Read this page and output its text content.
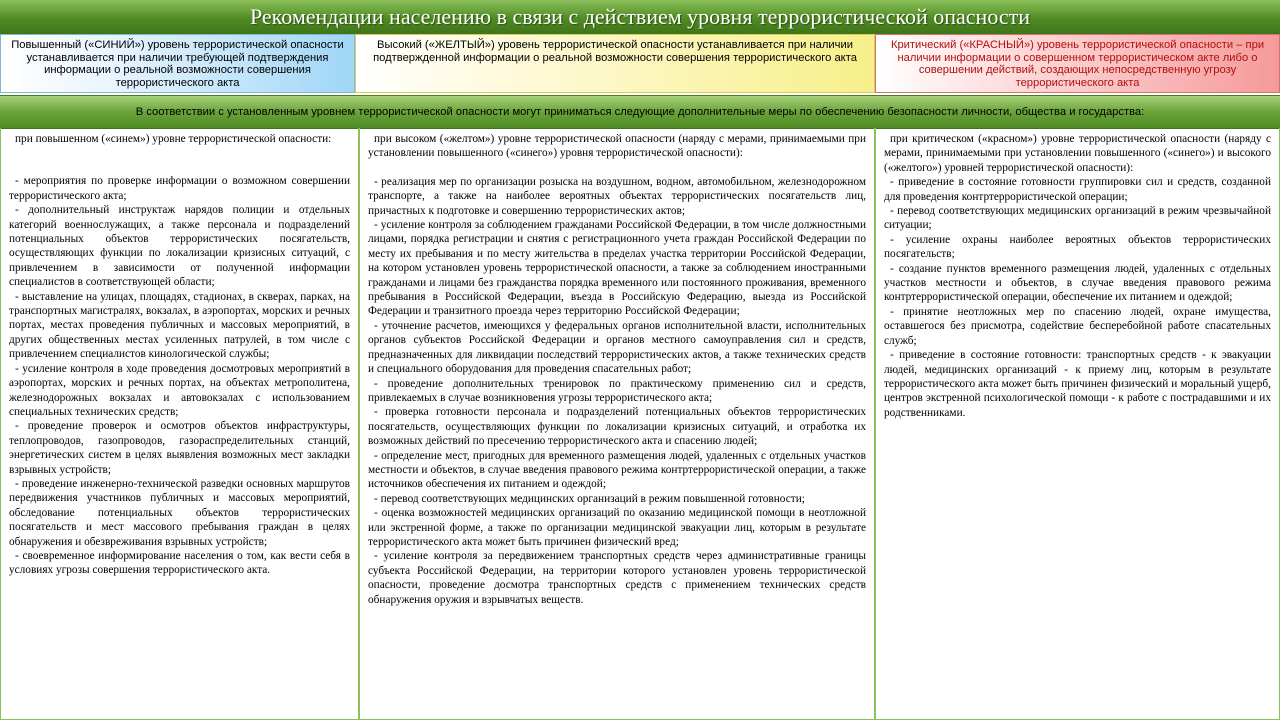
Рекомендации населению в связи с действием уровня террористической опасности
Повышенный («СИНИЙ») уровень террористической опасности устанавливается при наличии требующей подтверждения информации о реальной возможности совершения террористического акта
Высокий («ЖЕЛТЫЙ») уровень террористической опасности устанавливается при наличии подтвержденной информации о реальной возможности совершения террористического акта
Критический («КРАСНЫЙ») уровень террористической опасности – при наличии информации о совершенном террористическом акте либо о совершении действий, создающих непосредственную угрозу террористического акта
В соответствии с установленным уровнем террористической опасности могут приниматься следующие дополнительные меры по обеспечению безопасности личности, общества и государства:

при повышенном («синем») уровне террористической опасности:

- мероприятия по проверке информации о возможном совершении террористического акта;

- дополнительный инструктаж нарядов полиции и отдельных категорий военнослужащих, а также персонала и подразделений потенциальных объектов террористических посягательств, осуществляющих функции по локализации кризисных ситуаций, с привлечением в зависимости от полученной информации специалистов в соответствующей области;

- выставление на улицах, площадях, стадионах, в скверах, парках, на транспортных магистралях, вокзалах, в аэропортах, морских и речных портах, местах проведения публичных и массовых мероприятий, в других общественных местах усиленных патрулей, в том числе с привлечением специалистов кинологической службы;

- усиление контроля в ходе проведения досмотровых мероприятий в аэропортах, морских и речных портах, на объектах метрополитена, железнодорожных вокзалах и автовокзалах с использованием специальных технических средств;

- проведение проверок и осмотров объектов инфраструктуры, теплопроводов, газопроводов, газораспределительных станций, энергетических систем в целях выявления возможных мест закладки взрывных устройств;

- проведение инженерно-технической разведки основных маршрутов передвижения участников публичных и массовых мероприятий, обследование потенциальных объектов террористических посягательств и мест массового пребывания граждан в целях обнаружения и обезвреживания взрывных устройств;

- своевременное информирование населения о том, как вести себя в условиях угрозы совершения террористического акта.

при высоком («желтом») уровне террористической опасности (наряду с мерами, принимаемыми при установлении повышенного («синего») уровня террористической опасности):

- реализация мер по организации розыска на воздушном, водном, автомобильном, железнодорожном транспорте, а также на наиболее вероятных объектах террористических посягательств лиц, причастных к подготовке и совершению террористических актов;

- усиление контроля за соблюдением гражданами Российской Федерации, в том числе должностными лицами, порядка регистрации и снятия с регистрационного учета граждан Российской Федерации по месту их пребывания и по месту жительства в пределах участка территории Российской Федерации, на котором установлен уровень террористической опасности, а также за соблюдением иностранными гражданами и лицами без гражданства порядка временного или постоянного проживания, временного пребывания в Российской Федерации, въезда в Российскую Федерацию, выезда из Российской Федерации и транзитного проезда через территорию Российской Федерации;

- уточнение расчетов, имеющихся у федеральных органов исполнительной власти, исполнительных органов субъектов Российской Федерации и органов местного самоуправления сил и средств, предназначенных для ликвидации последствий террористических актов, а также технических средств и специального оборудования для проведения спасательных работ;

- проведение дополнительных тренировок по практическому применению сил и средств, привлекаемых в случае возникновения угрозы террористического акта;

- проверка готовности персонала и подразделений потенциальных объектов террористических посягательств, осуществляющих функции по локализации кризисных ситуаций, и отработка их возможных действий по пресечению террористического акта и спасению людей;

- определение мест, пригодных для временного размещения людей, удаленных с отдельных участков местности и объектов, в случае введения правового режима контртеррористической операции, а также источников обеспечения их питанием и одеждой;

- перевод соответствующих медицинских организаций в режим повышенной готовности;

- оценка возможностей медицинских организаций по оказанию медицинской помощи в неотложной или экстренной форме, а также по организации медицинской эвакуации лиц, которым в результате террористического акта может быть причинен физический вред;

- усиление контроля за передвижением транспортных средств через административные границы субъекта Российской Федерации, на территории которого установлен уровень террористической опасности, проведение досмотра транспортных средств с применением технических средств обнаружения оружия и взрывчатых веществ.

при критическом («красном») уровне террористической опасности (наряду с мерами, принимаемыми при установлении повышенного («синего») и высокого («желтого») уровней террористической опасности):

- приведение в состояние готовности группировки сил и средств, созданной для проведения контртеррористической операции;

- перевод соответствующих медицинских организаций в режим чрезвычайной ситуации;

- усиление охраны наиболее вероятных объектов террористических посягательств;

- создание пунктов временного размещения людей, удаленных с отдельных участков местности и объектов, в случае введения правового режима контртеррористической операции, обеспечение их питанием и одеждой;

- принятие неотложных мер по спасению людей, охране имущества, оставшегося без присмотра, содействие бесперебойной работе спасательных служб;

- приведение в состояние готовности: транспортных средств - к эвакуации людей, медицинских организаций - к приему лиц, которым в результате террористического акта может быть причинен физический и моральный ущерб, центров экстренной психологической помощи - к работе с пострадавшими и их родственниками.
